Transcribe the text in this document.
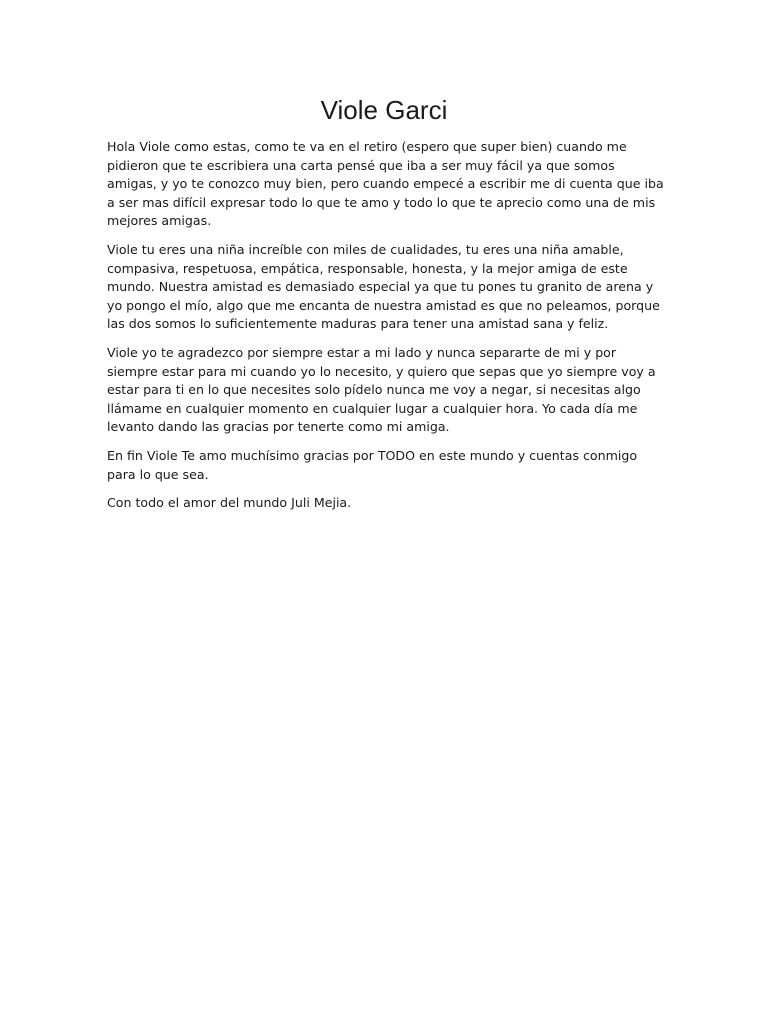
Viole Garci

Hola Viole como estas, como te va en el retiro (espero que super bien) cuando me pidieron que te escribiera una carta pensé que iba a ser muy fácil ya que somos amigas, y yo te conozco muy bien, pero cuando empecé a escribir me di cuenta que iba a ser mas difícil expresar todo lo que te amo y todo lo que te aprecio como una de mis mejores amigas.

Viole tu eres una niña increíble con miles de cualidades, tu eres una niña amable, compasiva, respetuosa, empática, responsable, honesta, y la mejor amiga de este mundo. Nuestra amistad es demasiado especial ya que tu pones tu granito de arena y yo pongo el mío, algo que me encanta de nuestra amistad es que no peleamos, porque las dos somos lo suficientemente maduras para tener una amistad sana y feliz.

Viole yo te agradezco por siempre estar a mi lado y nunca separarte de mi y por siempre estar para mi cuando yo lo necesito, y quiero que sepas que yo siempre voy a estar para ti en lo que necesites solo pídelo nunca me voy a negar, si necesitas algo llámame en cualquier momento en cualquier lugar a cualquier hora. Yo cada día me levanto dando las gracias por tenerte como mi amiga.

En fin Viole Te amo muchísimo gracias por TODO en este mundo y cuentas conmigo para lo que sea.

Con todo el amor del mundo Juli Mejia.
